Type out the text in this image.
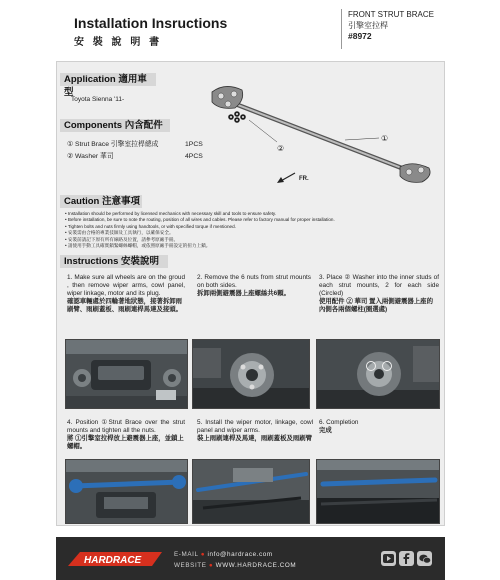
Installation Insructions
安 裝 說 明 書
FRONT STRUT BRACE
引擎室拉桿
#8972
Application 適用車型
Toyota Sienna '11-
Components 內含配件
① Strut Brace 引擎室拉桿總成	1PCS
② Washer 華司	4PCS
①
②
FR.
Caution 注意事項
• Installation should be performed by licensed mechanics with necessary skill and tools to ensure safety.
• Before installation, be sure to note the routing, position of all wires and cables. Please refer to factory manual for proper installation.
• Tighten bolts and nuts firmly using handtools, or with specified torque if mentioned.
• 安裝需由合格的專業技師及工具執行，以確保安全。
• 安裝前請記下原有所有線路及位置，請參考原廠手冊。
• 請使用手動工具確實鎖緊螺絲螺帽，或依照原廠手冊設定的扭力上鎖。
Instructions 安裝說明
1. Make sure all wheels are on the groud , then remove wiper arms, cowl panel, wiper linkage, motor and its plug.
確認車輛處於四輪著地狀態，接著拆卸雨刷臂、雨刷蓋板、雨刷連桿馬達及接頭。
2. Remove the 6 nuts from strut mounts on both sides.
拆卸兩側避震器上座螺絲共6顆。
3. Place ② Washer into the inner studs of each strut mounts, 2 for each side (Circled)
使用配件 ② 華司 置入兩側避震器上座的內側各兩個螺柱(圈選處)
4. Position ①Strut Brace over the strut mounts and tighten all the nuts.
將 ①引擎室拉桿放上避震器上座，並鎖上螺帽。
5. Install the wiper motor, linkage, cowl panel and wiper arms.
裝上雨刷連桿及馬達，雨刷蓋板及雨刷臂
6. Completion
完成
HARDRACE
E-MAIL ● info@hardrace.com
WEBSITE ● WWW.HARDRACE.COM
